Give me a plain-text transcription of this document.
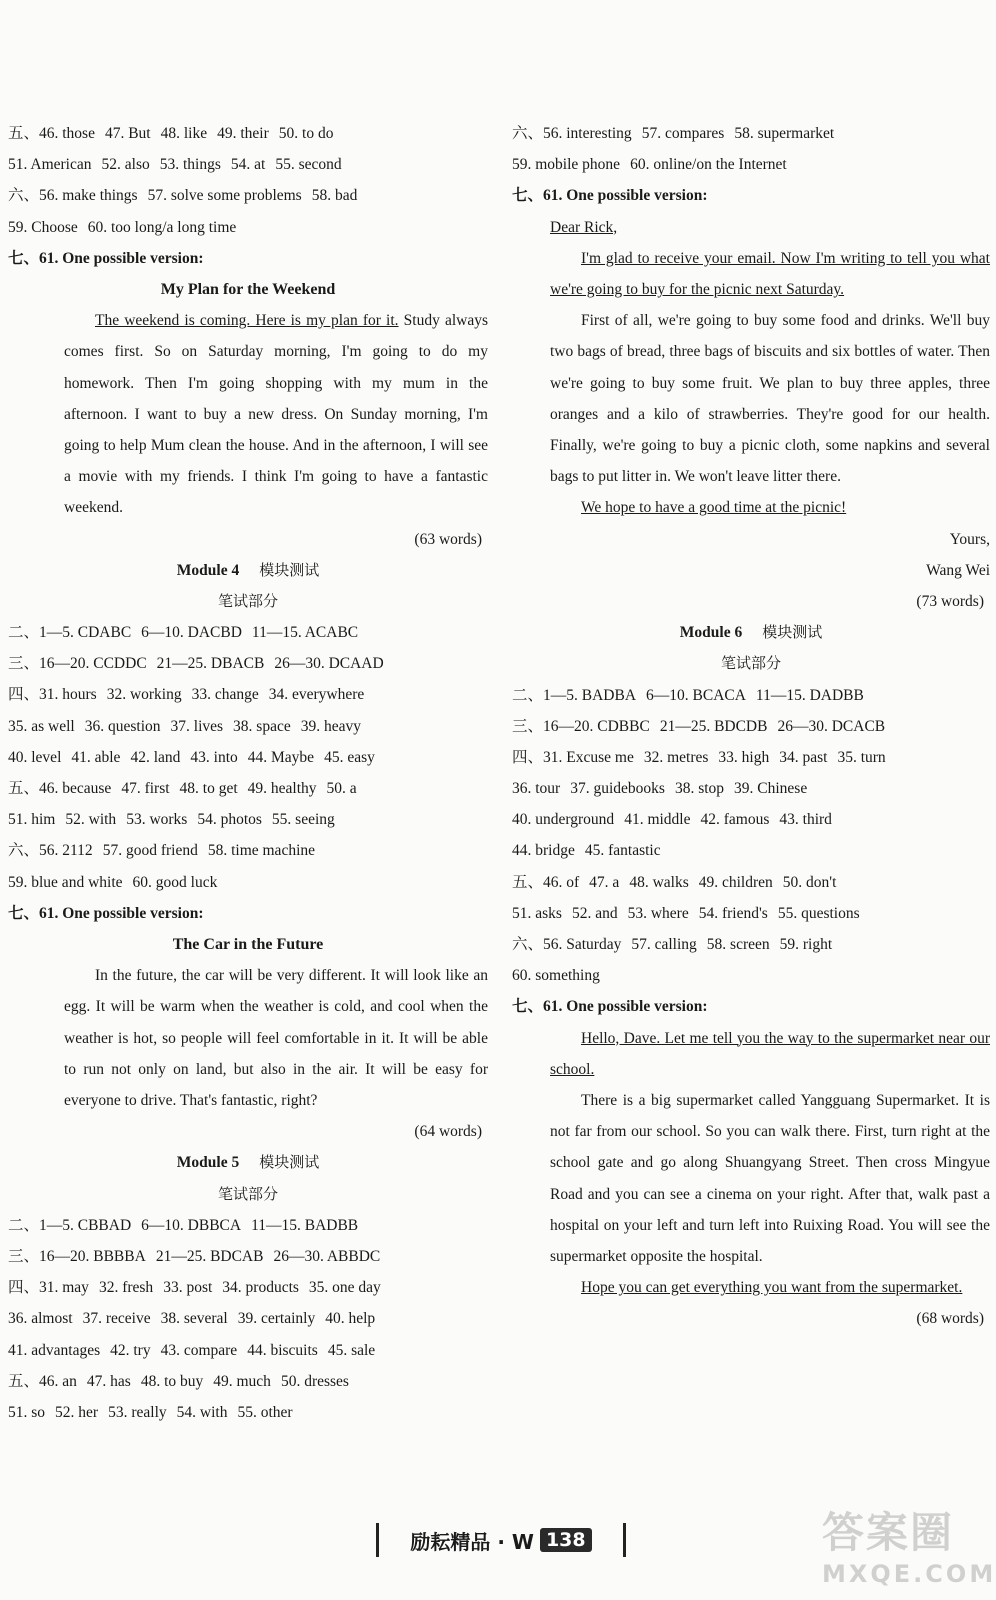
五、46. those 47. But 48. like 49. their 50. to do
51. American 52. also 53. things 54. at 55. second
六、56. make things 57. solve some problems 58. bad
59. Choose 60. too long/a long time
七、61. One possible version:
My Plan for the Weekend

The weekend is coming. Here is my plan for it. Study always comes first. So on Saturday morning, I'm going to do my homework. Then I'm going shopping with my mum in the afternoon. I want to buy a new dress. On Sunday morning, I'm going to help Mum clean the house. And in the afternoon, I will see a movie with my friends. I think I'm going to have a fantastic weekend.

(63 words)
Module 4 模块测试
笔试部分
二、1—5. CDABC 6—10. DACBD 11—15. ACABC
三、16—20. CCDDC 21—25. DBACB 26—30. DCAAD
四、31. hours 32. working 33. change 34. everywhere
35. as well 36. question 37. lives 38. space 39. heavy
40. level 41. able 42. land 43. into 44. Maybe 45. easy
五、46. because 47. first 48. to get 49. healthy 50. a
51. him 52. with 53. works 54. photos 55. seeing
六、56. 2112 57. good friend 58. time machine
59. blue and white 60. good luck
七、61. One possible version:
The Car in the Future

In the future, the car will be very different. It will look like an egg. It will be warm when the weather is cold, and cool when the weather is hot, so people will feel comfortable in it. It will be able to run not only on land, but also in the air. It will be easy for everyone to drive. That's fantastic, right?

(64 words)
Module 5 模块测试
笔试部分
二、1—5. CBBAD 6—10. DBBCA 11—15. BADBB
三、16—20. BBBBA 21—25. BDCAB 26—30. ABBDC
四、31. may 32. fresh 33. post 34. products 35. one day
36. almost 37. receive 38. several 39. certainly 40. help
41. advantages 42. try 43. compare 44. biscuits 45. sale
五、46. an 47. has 48. to buy 49. much 50. dresses
51. so 52. her 53. really 54. with 55. other
六、56. interesting 57. compares 58. supermarket
59. mobile phone 60. online/on the Internet
七、61. One possible version:
Dear Rick,

I'm glad to receive your email. Now I'm writing to tell you what we're going to buy for the picnic next Saturday.

First of all, we're going to buy some food and drinks. We'll buy two bags of bread, three bags of biscuits and six bottles of water. Then we're going to buy some fruit. We plan to buy three apples, three oranges and a kilo of strawberries. They're good for our health. Finally, we're going to buy a picnic cloth, some napkins and several bags to put litter in. We won't leave litter there.

We hope to have a good time at the picnic!

Yours,
Wang Wei
(73 words)
Module 6 模块测试
笔试部分
二、1—5. BADBA 6—10. BCACA 11—15. DADBB
三、16—20. CDBBC 21—25. BDCDB 26—30. DCACB
四、31. Excuse me 32. metres 33. high 34. past 35. turn
36. tour 37. guidebooks 38. stop 39. Chinese
40. underground 41. middle 42. famous 43. third
44. bridge 45. fantastic
五、46. of 47. a 48. walks 49. children 50. don't
51. asks 52. and 53. where 54. friend's 55. questions
六、56. Saturday 57. calling 58. screen 59. right
60. something
七、61. One possible version:

Hello, Dave. Let me tell you the way to the supermarket near our school.

There is a big supermarket called Yangguang Supermarket. It is not far from our school. So you can walk there. First, turn right at the school gate and go along Shuangyang Street. Then cross Mingyue Road and you can see a cinema on your right. After that, walk past a hospital on your left and turn left into Ruixing Road. You will see the supermarket opposite the hospital.

Hope you can get everything you want from the supermarket.

(68 words)
励耘精品 · W 138	答案圈
MXQE.COM
